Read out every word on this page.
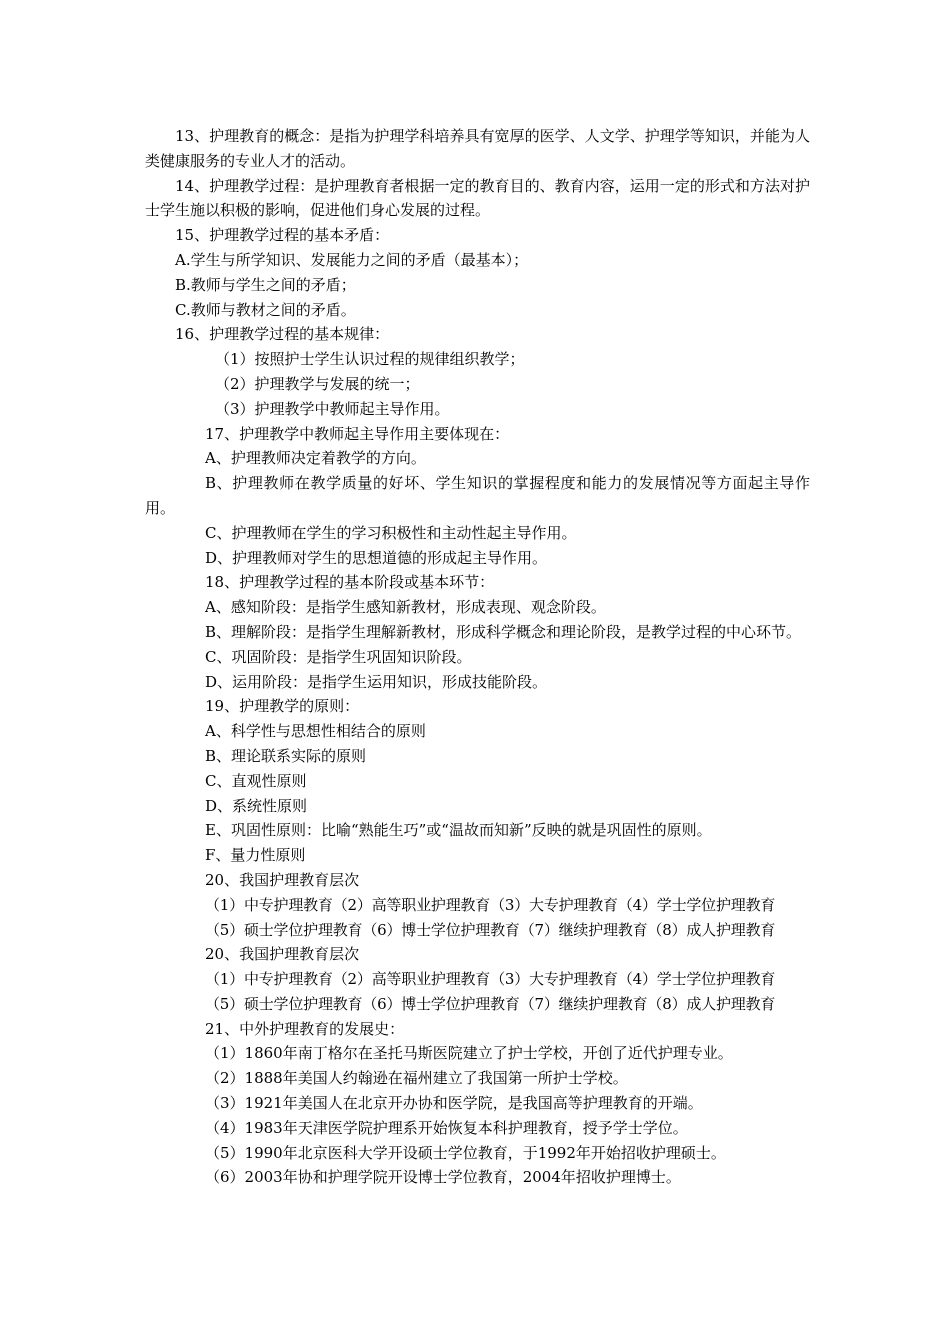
13、护理教育的概念：是指为护理学科培养具有宽厚的医学、人文学、护理学等知识，并能为人类健康服务的专业人才的活动。

14、护理教学过程：是护理教育者根据一定的教育目的、教育内容，运用一定的形式和方法对护士学生施以积极的影响，促进他们身心发展的过程。

15、护理教学过程的基本矛盾：

A.学生与所学知识、发展能力之间的矛盾（最基本）；

B.教师与学生之间的矛盾；

C.教师与教材之间的矛盾。

16、护理教学过程的基本规律：

（1）按照护士学生认识过程的规律组织教学；

（2）护理教学与发展的统一；

（3）护理教学中教师起主导作用。

17、护理教学中教师起主导作用主要体现在：

A、护理教师决定着教学的方向。

B、护理教师在教学质量的好坏、学生知识的掌握程度和能力的发展情况等方面起主导作用。

C、护理教师在学生的学习积极性和主动性起主导作用。

D、护理教师对学生的思想道德的形成起主导作用。

18、护理教学过程的基本阶段或基本环节：

A、感知阶段：是指学生感知新教材，形成表现、观念阶段。

B、理解阶段：是指学生理解新教材，形成科学概念和理论阶段，是教学过程的中心环节。

C、巩固阶段：是指学生巩固知识阶段。

D、运用阶段：是指学生运用知识，形成技能阶段。

19、护理教学的原则：

A、科学性与思想性相结合的原则

B、理论联系实际的原则

C、直观性原则

D、系统性原则

E、巩固性原则：比喻“熟能生巧”或“温故而知新”反映的就是巩固性的原则。

F、量力性原则

20、我国护理教育层次

（1）中专护理教育（2）高等职业护理教育（3）大专护理教育（4）学士学位护理教育

（5）硕士学位护理教育（6）博士学位护理教育（7）继续护理教育（8）成人护理教育

20、我国护理教育层次

（1）中专护理教育（2）高等职业护理教育（3）大专护理教育（4）学士学位护理教育

（5）硕士学位护理教育（6）博士学位护理教育（7）继续护理教育（8）成人护理教育

21、中外护理教育的发展史：

（1）1860年南丁格尔在圣托马斯医院建立了护士学校，开创了近代护理专业。

（2）1888年美国人约翰逊在福州建立了我国第一所护士学校。

（3）1921年美国人在北京开办协和医学院，是我国高等护理教育的开端。

（4）1983年天津医学院护理系开始恢复本科护理教育，授予学士学位。

（5）1990年北京医科大学开设硕士学位教育，于1992年开始招收护理硕士。

（6）2003年协和护理学院开设博士学位教育，2004年招收护理博士。
